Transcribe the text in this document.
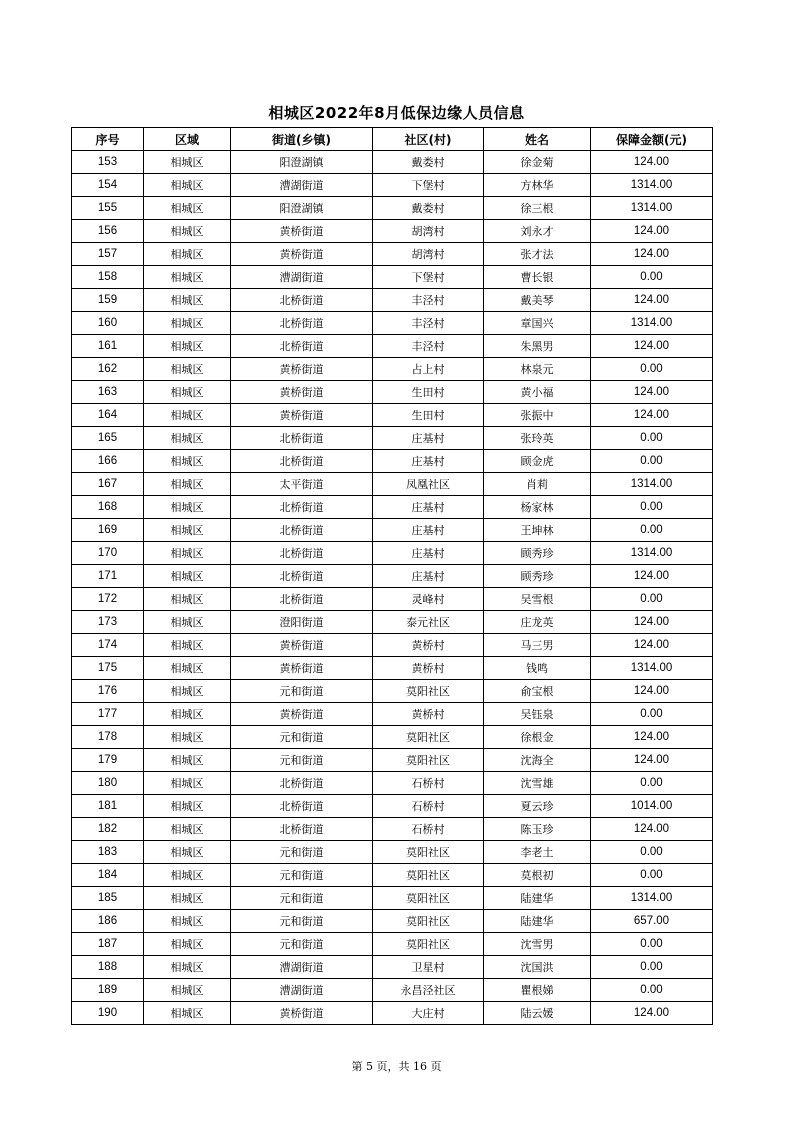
相城区2022年8月低保边缘人员信息
序号	区域	街道(乡镇)	社区(村)	姓名	保障金额(元)
153	相城区	阳澄湖镇	戴娄村	徐金菊	124.00
154	相城区	漕湖街道	下堡村	方林华	1314.00
155	相城区	阳澄湖镇	戴娄村	徐三根	1314.00
156	相城区	黄桥街道	胡湾村	刘永才	124.00
157	相城区	黄桥街道	胡湾村	张才法	124.00
158	相城区	漕湖街道	下堡村	曹长银	0.00
159	相城区	北桥街道	丰泾村	戴美琴	124.00
160	相城区	北桥街道	丰泾村	章国兴	1314.00
161	相城区	北桥街道	丰泾村	朱黑男	124.00
162	相城区	黄桥街道	占上村	林泉元	0.00
163	相城区	黄桥街道	生田村	黄小福	124.00
164	相城区	黄桥街道	生田村	张振中	124.00
165	相城区	北桥街道	庄基村	张玲英	0.00
166	相城区	北桥街道	庄基村	顾金虎	0.00
167	相城区	太平街道	凤凰社区	肖莉	1314.00
168	相城区	北桥街道	庄基村	杨家林	0.00
169	相城区	北桥街道	庄基村	王坤林	0.00
170	相城区	北桥街道	庄基村	顾秀珍	1314.00
171	相城区	北桥街道	庄基村	顾秀珍	124.00
172	相城区	北桥街道	灵峰村	吴雪根	0.00
173	相城区	澄阳街道	泰元社区	庄龙英	124.00
174	相城区	黄桥街道	黄桥村	马三男	124.00
175	相城区	黄桥街道	黄桥村	钱鸣	1314.00
176	相城区	元和街道	莫阳社区	俞宝根	124.00
177	相城区	黄桥街道	黄桥村	吴钰泉	0.00
178	相城区	元和街道	莫阳社区	徐根金	124.00
179	相城区	元和街道	莫阳社区	沈海全	124.00
180	相城区	北桥街道	石桥村	沈雪雄	0.00
181	相城区	北桥街道	石桥村	夏云珍	1014.00
182	相城区	北桥街道	石桥村	陈玉珍	124.00
183	相城区	元和街道	莫阳社区	李老土	0.00
184	相城区	元和街道	莫阳社区	莫根初	0.00
185	相城区	元和街道	莫阳社区	陆建华	1314.00
186	相城区	元和街道	莫阳社区	陆建华	657.00
187	相城区	元和街道	莫阳社区	沈雪男	0.00
188	相城区	漕湖街道	卫星村	沈国洪	0.00
189	相城区	漕湖街道	永昌泾社区	瞿根娣	0.00
190	相城区	黄桥街道	大庄村	陆云媛	124.00
第 5 页，共 16 页
